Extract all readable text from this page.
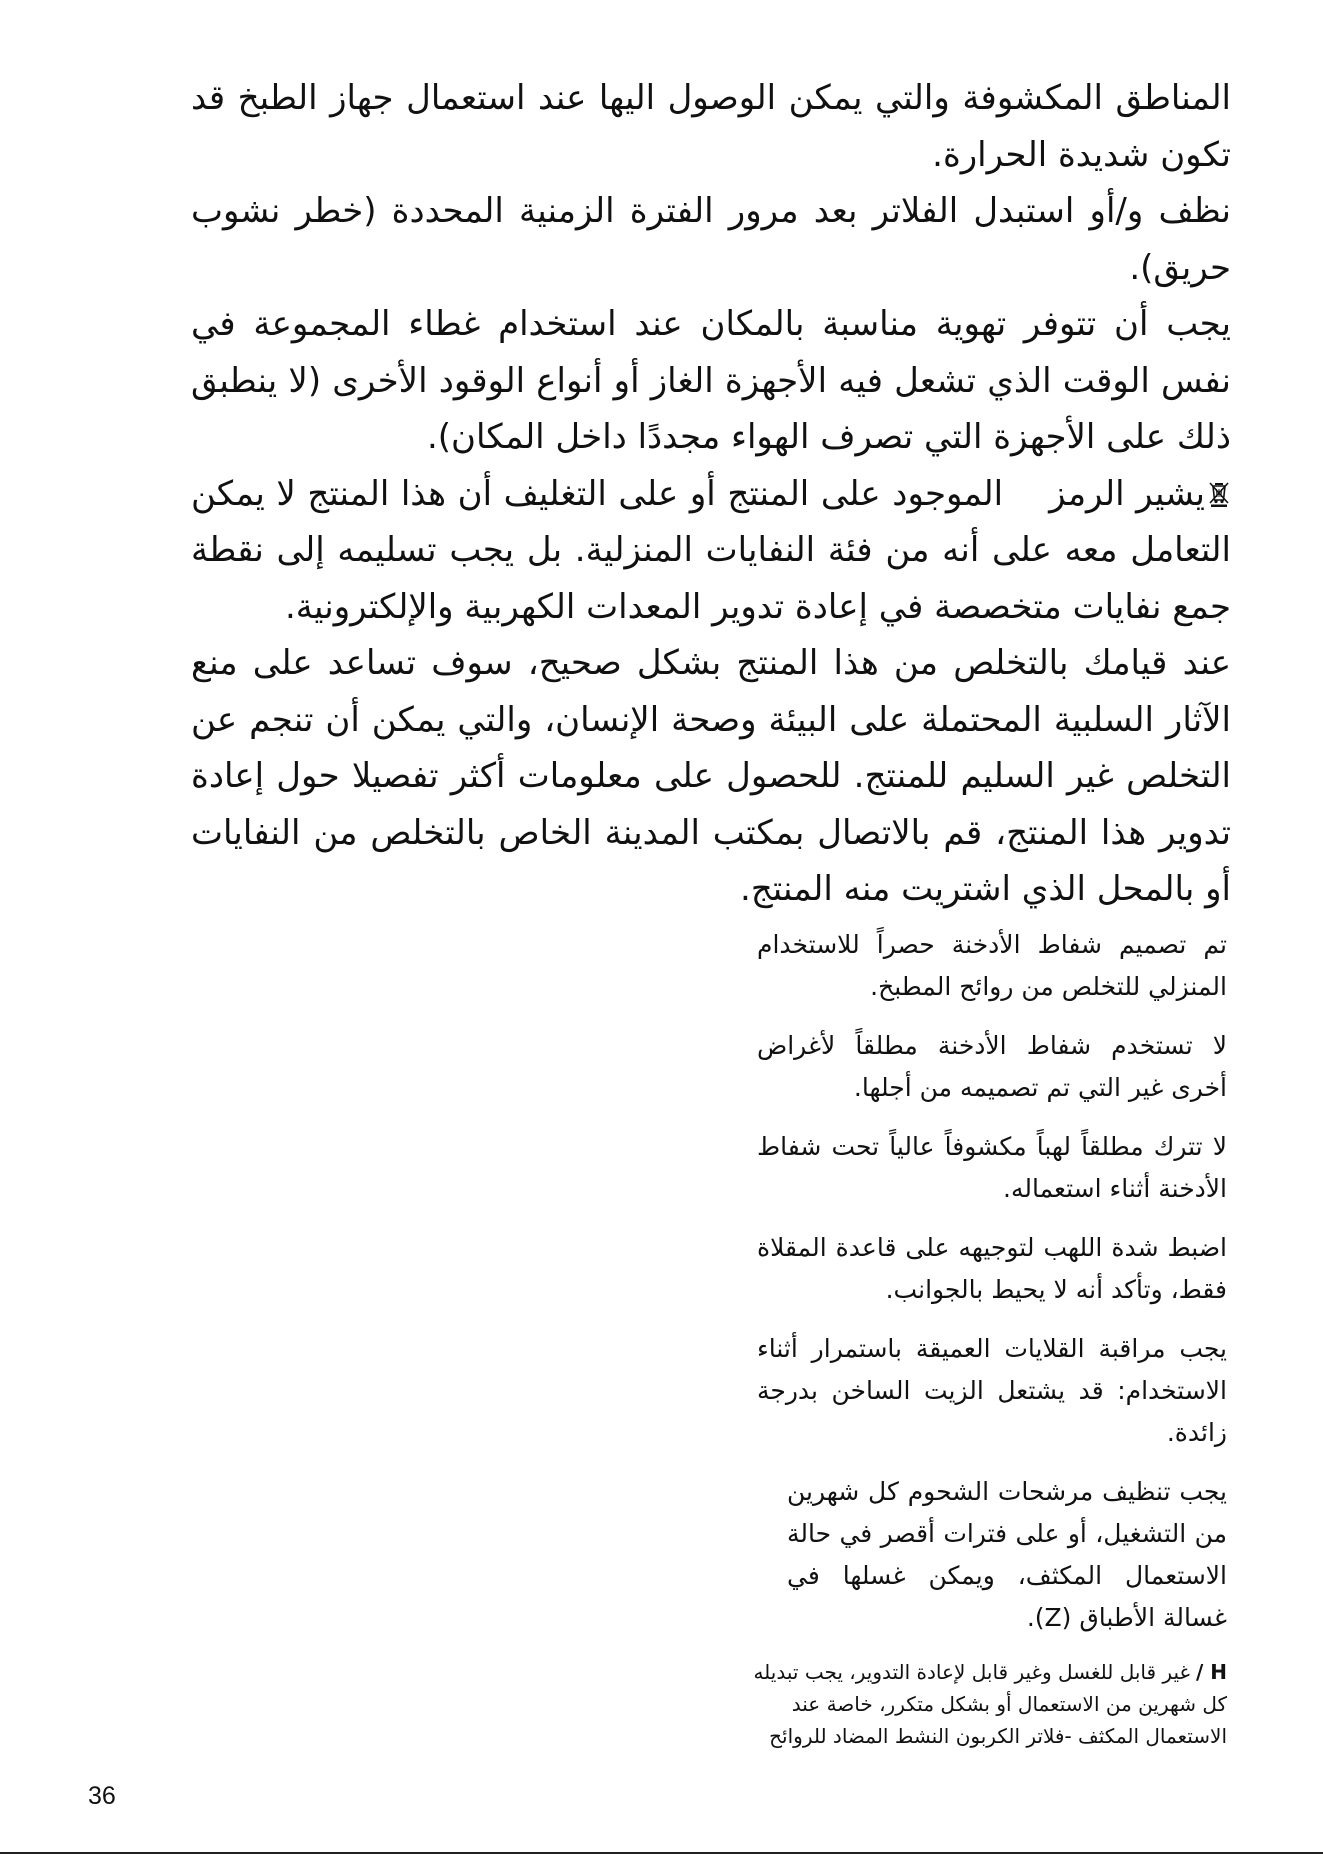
المناطق المكشوفة والتي يمكن الوصول اليها عند استعمال جهاز الطبخ قد تكون شديدة الحرارة.

نظف و/أو استبدل الفلاتر بعد مرور الفترة الزمنية المحددة (خطر نشوب حريق).

يجب أن تتوفر تهوية مناسبة بالمكان عند استخدام غطاء المجموعة في نفس الوقت الذي تشعل فيه الأجهزة الغاز أو أنواع الوقود الأخرى (لا ينطبق ذلك على الأجهزة التي تصرف الهواء مجددًا داخل المكان).

يشير الرمزالموجود على المنتج أو على التغليف أن هذا المنتج لا يمكن التعامل معه على أنه من فئة النفايات المنزلية. بل يجب تسليمه إلى نقطة جمع نفايات متخصصة في إعادة تدوير المعدات الكهربية والإلكترونية.

عند قيامك بالتخلص من هذا المنتج بشكل صحيح، سوف تساعد على منع الآثار السلبية المحتملة على البيئة وصحة الإنسان، والتي يمكن أن تنجم عن التخلص غير السليم للمنتج. للحصول على معلومات أكثر تفصيلا حول إعادة تدوير هذا المنتج، قم بالاتصال بمكتب المدينة الخاص بالتخلص من النفايات أو بالمحل الذي اشتريت منه المنتج.

تم تصميم شفاط الأدخنة حصراً للاستخدام المنزلي للتخلص من روائح المطبخ.

لا تستخدم شفاط الأدخنة مطلقاً لأغراض أخرى غير التي تم تصميمه من أجلها.

لا تترك مطلقاً لهباً مكشوفاً عالياً تحت شفاط الأدخنة أثناء استعماله.

اضبط شدة اللهب لتوجيهه على قاعدة المقلاة فقط، وتأكد أنه لا يحيط بالجوانب.

يجب مراقبة القلايات العميقة باستمرار أثناء الاستخدام: قد يشتعل الزيت الساخن بدرجة زائدة.

يجب تنظيف مرشحات الشحوم كل شهرين من التشغيل، أو على فترات أقصر في حالة الاستعمال المكثف، ويمكن غسلها في غسالة الأطباق (Z).

H /غير قابل للغسل وغير قابل لإعادة التدوير، يجب تبديله كل شهرين من الاستعمال أو بشكل متكرر، خاصة عند الاستعمال المكثف -فلاتر الكربون النشط المضاد للروائح

36
